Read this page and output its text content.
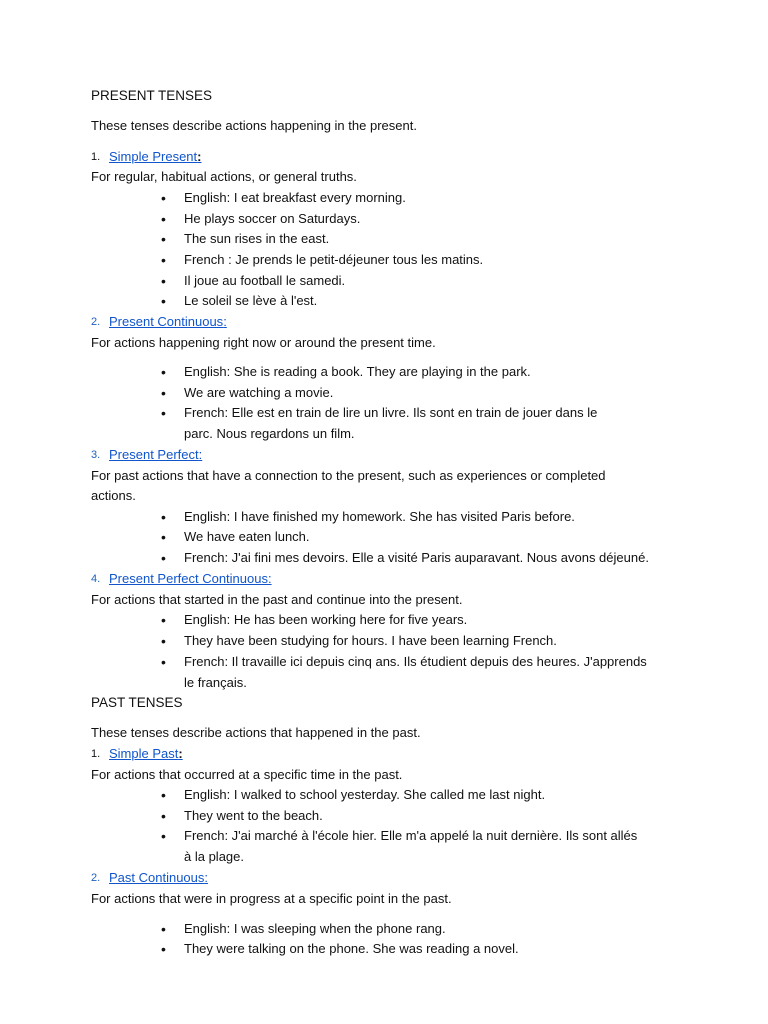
PRESENT TENSES
These tenses describe actions happening in the present.
1. Simple Present:
For regular, habitual actions, or general truths.
• English: I eat breakfast every morning.
• He plays soccer on Saturdays.
• The sun rises in the east.
• French : Je prends le petit-déjeuner tous les matins.
• Il joue au football le samedi.
• Le soleil se lève à l'est.
2. Present Continuous:
For actions happening right now or around the present time.
• English: She is reading a book. They are playing in the park.
• We are watching a movie.
• French: Elle est en train de lire un livre. Ils sont en train de jouer dans le
parc. Nous regardons un film.
3. Present Perfect:
For past actions that have a connection to the present, such as experiences or completed
actions.
• English: I have finished my homework. She has visited Paris before.
• We have eaten lunch.
• French: J'ai fini mes devoirs. Elle a visité Paris auparavant. Nous avons déjeuné.
4. Present Perfect Continuous:
For actions that started in the past and continue into the present.
• English: He has been working here for five years.
• They have been studying for hours. I have been learning French.
• French: Il travaille ici depuis cinq ans. Ils étudient depuis des heures. J'apprends
le français.
PAST TENSES
These tenses describe actions that happened in the past.
1. Simple Past:
For actions that occurred at a specific time in the past.
• English: I walked to school yesterday. She called me last night.
• They went to the beach.
• French: J'ai marché à l'école hier. Elle m'a appelé la nuit dernière. Ils sont allés
à la plage.
2. Past Continuous:
For actions that were in progress at a specific point in the past.
• English: I was sleeping when the phone rang.
• They were talking on the phone. She was reading a novel.
